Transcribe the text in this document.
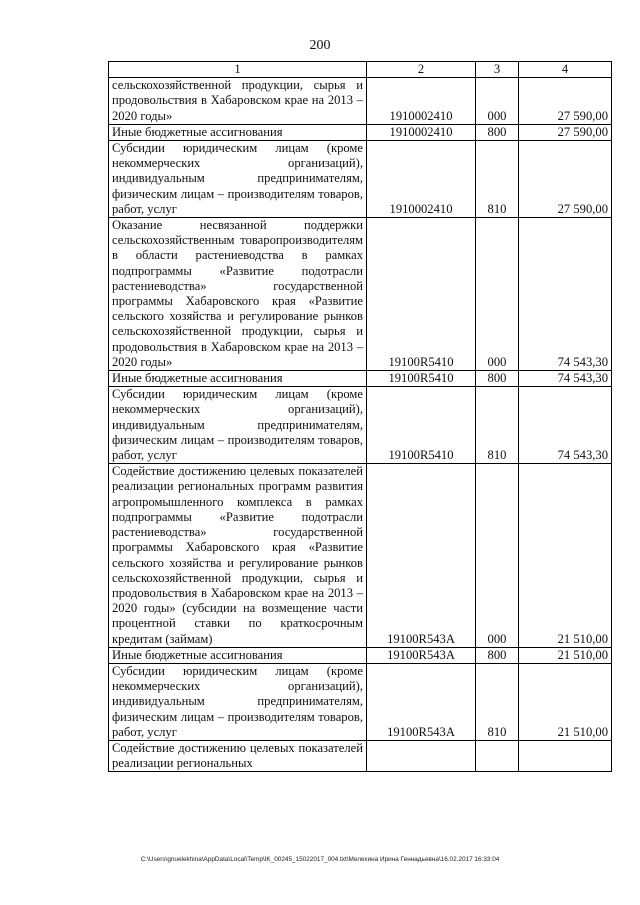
200
1	2	3	4
сельскохозяйственной продукции, сырья и продовольствия в Хабаровском крае на 2013 – 2020 годы»	1910002410	000	27 590,00
Иные бюджетные ассигнования	1910002410	800	27 590,00
Субсидии юридическим лицам (кроме некоммерческих организаций), индивидуальным предпринимателям, физическим лицам – производителям товаров, работ, услуг	1910002410	810	27 590,00
Оказание несвязанной поддержки сельскохозяйственным товаропроизводителям в области растениеводства в рамках подпрограммы «Развитие подотрасли растениеводства» государственной программы Хабаровского края «Развитие сельского хозяйства и регулирование рынков сельскохозяйственной продукции, сырья и продовольствия в Хабаровском крае на 2013 – 2020 годы»	19100R5410	000	74 543,30
Иные бюджетные ассигнования	19100R5410	800	74 543,30
Субсидии юридическим лицам (кроме некоммерческих организаций), индивидуальным предпринимателям, физическим лицам – производителям товаров, работ, услуг	19100R5410	810	74 543,30
Содействие достижению целевых показателей реализации региональных программ развития агропромышленного комплекса в рамках подпрограммы «Развитие подотрасли растениеводства» государственной программы Хабаровского края «Развитие сельского хозяйства и регулирование рынков сельскохозяйственной продукции, сырья и продовольствия в Хабаровском крае на 2013 – 2020 годы» (субсидии на возмещение части процентной ставки по краткосрочным кредитам (займам)	19100R543A	000	21 510,00
Иные бюджетные ассигнования	19100R543A	800	21 510,00
Субсидии юридическим лицам (кроме некоммерческих организаций), индивидуальным предпринимателям, физическим лицам – производителям товаров, работ, услуг	19100R543A	810	21 510,00
Содействие достижению целевых показателей реализации региональных			
C:\Users\gnuelekhina\AppData\Local\Temp\IK_00245_15022017_004.txt\Мелехина Ирина Геннадьевна\16.02.2017 16:33:04
